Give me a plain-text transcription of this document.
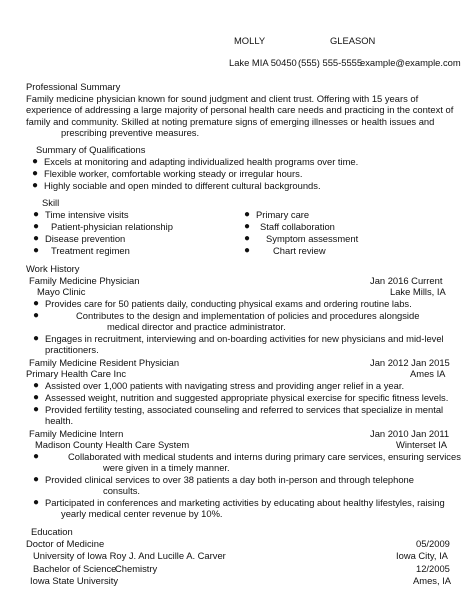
MOLLY	GLEASON
Lake MIA 50450 (555) 555-5555
example@example.com
Professional Summary
Family medicine physician known for sound judgment and client trust. Offering with 15 years of
experience of addressing a large majority of personal health care needs and practicing in the context of
family and community. Skilled at noting premature signs of emerging illnesses or health issues and
prescribing preventive measures.
Summary of Qualifications
● Excels at monitoring and adapting individualized health programs over time.
● Flexible worker, comfortable working steady or irregular hours.
● Highly sociable and open minded to different cultural backgrounds.
Skill
● Time intensive visits
● Patient-physician relationship
● Disease prevention
● Treatment regimen
● Primary care
● Staff collaboration
● Symptom assessment
● Chart review
Work History
Family Medicine Physician	Jan 2016 Current
Mayo Clinic	Lake Mills, IA
● Provides care for 50 patients daily, conducting physical exams and ordering routine labs.
●	Contributes to the design and implementation of policies and procedures alongside
medical director and practice administrator.
● Engages in recruitment, interviewing and on-boarding activities for new physicians and mid-level
practitioners.
Family Medicine Resident Physician	Jan 2012 Jan 2015
Primary Health Care Inc	Ames IA
● Assisted over 1,000 patients with navigating stress and providing anger relief in a year.
● Assessed weight, nutrition and suggested appropriate physical exercise for specific fitness levels.
● Provided fertility testing, associated counseling and referred to services that specialize in mental
health.
Family Medicine Intern	Jan 2010 Jan 2011
Madison County Health Care System	Winterset IA
●	Collaborated with medical students and interns during primary care services, ensuring services
were given in a timely manner.
● Provided clinical services to over 38 patients a day both in-person and through telephone
consults.
● Participated in conferences and marketing activities by educating about healthy lifestyles, raising
yearly medical center revenue by 10%.
Education
Doctor of Medicine	05/2009
University of Iowa Roy J. And Lucille A. Carver	Iowa City, IA
Bachelor of Science
Chemistry	12/2005
Iowa State University	Ames, IA
